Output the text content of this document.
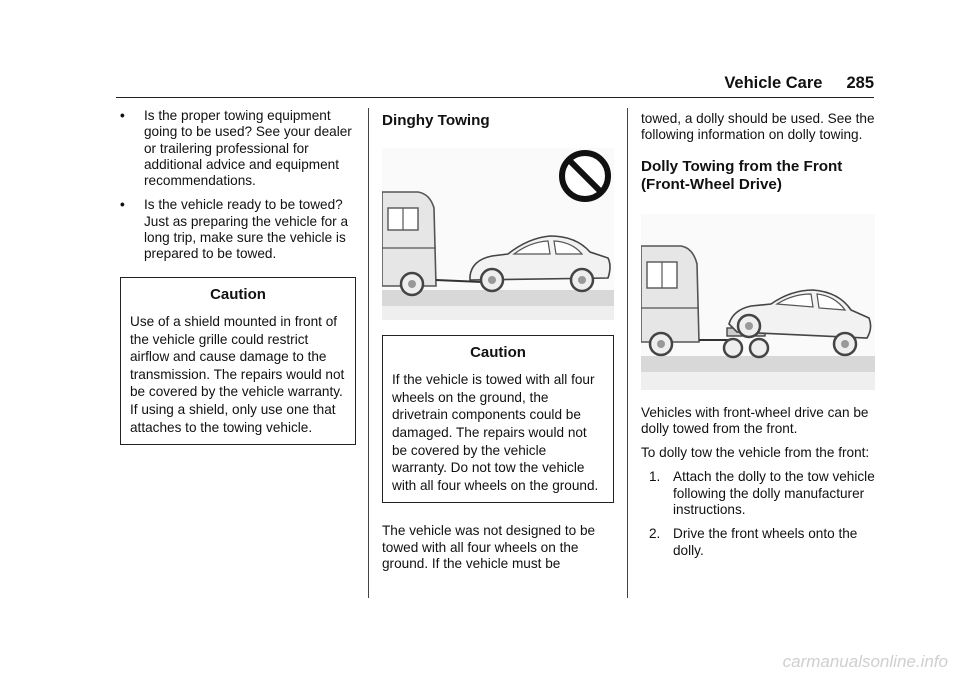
Vehicle Care 285
• Is the proper towing equipment going to be used? See your dealer or trailering professional for additional advice and equipment recommendations.
• Is the vehicle ready to be towed? Just as preparing the vehicle for a long trip, make sure the vehicle is prepared to be towed.
Caution

Use of a shield mounted in front of the vehicle grille could restrict airflow and cause damage to the transmission. The repairs would not be covered by the vehicle warranty. If using a shield, only use one that attaches to the towing vehicle.

Dinghy Towing
Caution

If the vehicle is towed with all four wheels on the ground, the drivetrain components could be damaged. The repairs would not be covered by the vehicle warranty. Do not tow the vehicle with all four wheels on the ground.

The vehicle was not designed to be towed with all four wheels on the ground. If the vehicle must be

towed, a dolly should be used. See the following information on dolly towing.

Dolly Towing from the Front (Front-Wheel Drive)

Vehicles with front-wheel drive can be dolly towed from the front.

To dolly tow the vehicle from the front:

1. Attach the dolly to the tow vehicle following the dolly manufacturer instructions.
2. Drive the front wheels onto the dolly.
carmanualsonline.info
